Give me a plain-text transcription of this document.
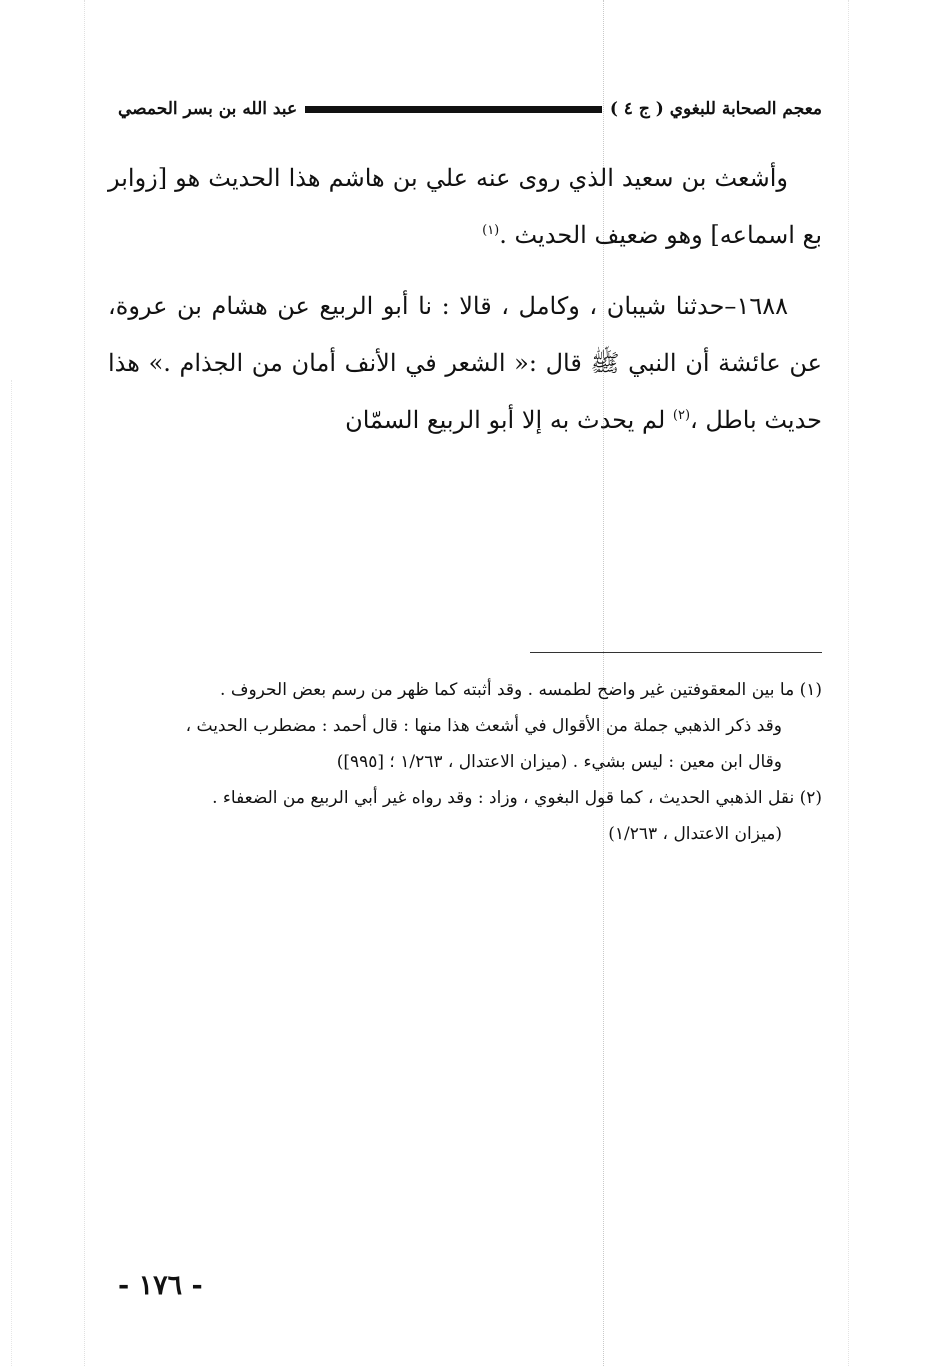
معجم الصحابة للبغوي ( ج ٤ )
عبد الله بن بسر الحمصي

وأشعث بن سعيد الذي روى عنه علي بن هاشم هذا الحديث هو [زوابر بع اسماعه] وهو ضعيف الحديث .$^{(١)}$

١٦٨٨–حدثنا شيبان ، وكامل ، قالا : نا أبو الربيع عن هشام بن عروة، عن عائشة أن النبي ﷺ قال :« الشعر في الأنف أمان من الجذام .» هذا حديث باطل ،$^{(٢)}$ لم يحدث به إلا أبو الربيع السمّان

(١) ما بين المعقوفتين غير واضح لطمسه . وقد أثبته كما ظهر من رسم بعض الحروف .

وقد ذكر الذهبي جملة من الأقوال في أشعث هذا منها : قال أحمد : مضطرب الحديث ،

وقال ابن معين : ليس بشيء . (ميزان الاعتدال ، ١/٢٦٣ ؛ [٩٩٥])

(٢) نقل الذهبي الحديث ، كما قول البغوي ، وزاد : وقد رواه غير أبي الربيع من الضعفاء .

(ميزان الاعتدال ، ١/٢٦٣)

- ١٧٦ -
